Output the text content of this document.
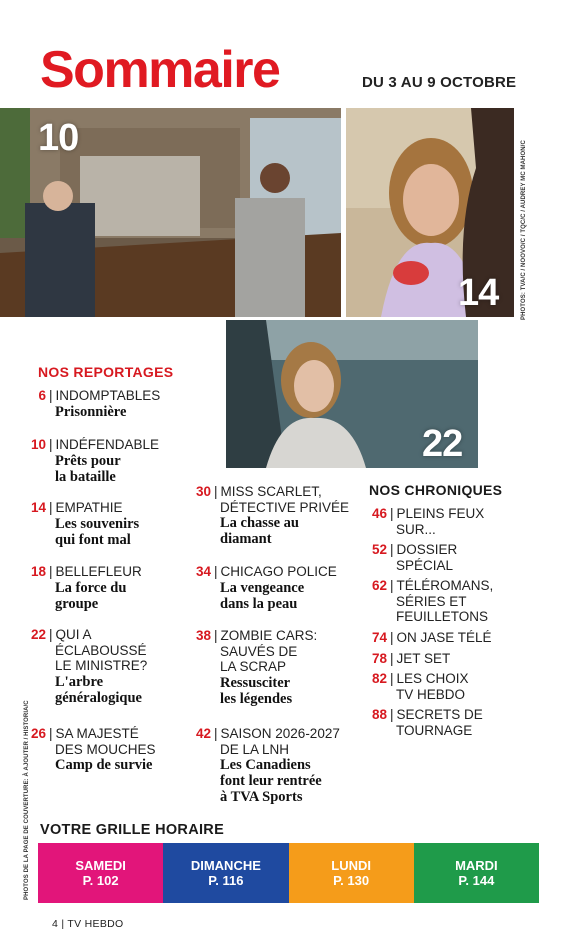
Sommaire	DU 3 AU 9 OCTOBRE
10
14
22
PHOTOS: TVA/C / NOOVO/C / TQC/C / AUDREY MC MAHON/C
PHOTOS DE LA PAGE DE COUVERTURE: À AJOUTER / HISTORIA/C
NOS REPORTAGES
6 | INDOMPTABLES
Prisonnière
10 | INDÉFENDABLE
Prêts pour
la bataille
14 | EMPATHIE
Les souvenirs
qui font mal
18 | BELLEFLEUR
La force du
groupe
22 | QUI A
ÉCLABOUSSÉ
LE MINISTRE?
L'arbre
généralogique
26 | SA MAJESTÉ
DES MOUCHES
Camp de survie
30 | MISS SCARLET,
DÉTECTIVE PRIVÉE
La chasse au
diamant
34 | CHICAGO POLICE
La vengeance
dans la peau
38 | ZOMBIE CARS:
SAUVÉS DE
LA SCRAP
Ressusciter
les légendes
42 | SAISON 2026-2027
DE LA LNH
Les Canadiens
font leur rentrée
à TVA Sports
NOS CHRONIQUES
46 | PLEINS FEUX
SUR...
52 | DOSSIER
SPÉCIAL
62 | TÉLÉROMANS,
SÉRIES ET
FEUILLETONS
74 | ON JASE TÉLÉ
78 | JET SET
82 | LES CHOIX
TV HEBDO
88 | SECRETS DE
TOURNAGE
VOTRE GRILLE HORAIRE
SAMEDI
P. 102
DIMANCHE
P. 116
LUNDI
P. 130
MARDI
P. 144
4 | TV HEBDO
